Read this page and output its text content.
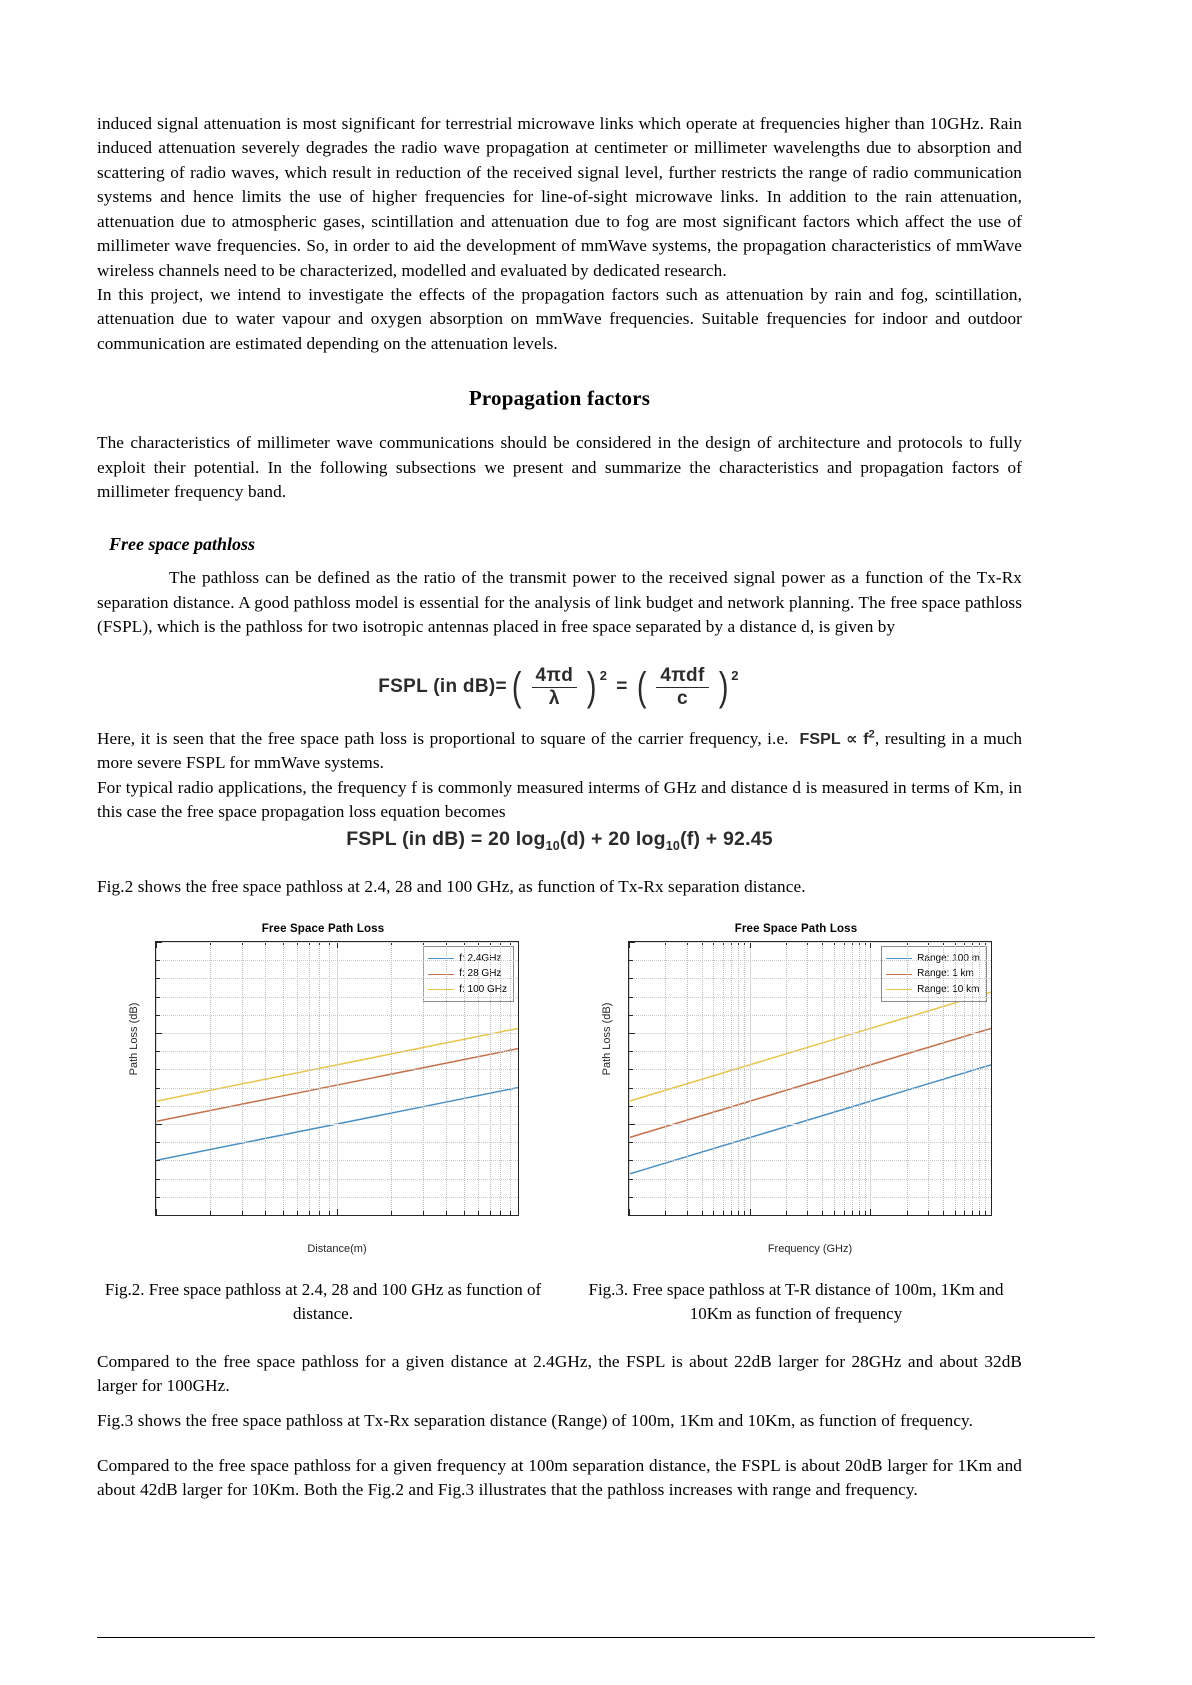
induced signal attenuation is most significant for terrestrial microwave links which operate at frequencies higher than 10GHz. Rain induced attenuation severely degrades the radio wave propagation at centimeter or millimeter wavelengths due to absorption and scattering of radio waves, which result in reduction of the received signal level, further restricts the range of radio communication systems and hence limits the use of higher frequencies for line-of-sight microwave links. In addition to the rain attenuation, attenuation due to atmospheric gases, scintillation and attenuation due to fog are most significant factors which affect the use of millimeter wave frequencies. So, in order to aid the development of mmWave systems, the propagation characteristics of mmWave wireless channels need to be characterized, modelled and evaluated by dedicated research.

In this project, we intend to investigate the effects of the propagation factors such as attenuation by rain and fog, scintillation, attenuation due to water vapour and oxygen absorption on mmWave frequencies. Suitable frequencies for indoor and outdoor communication are estimated depending on the attenuation levels.

Propagation factors

The characteristics of millimeter wave communications should be considered in the design of architecture and protocols to fully exploit their potential. In the following subsections we present and summarize the characteristics and propagation factors of millimeter frequency band.

Free space pathloss

The pathloss can be defined as the ratio of the transmit power to the received signal power as a function of the Tx-Rx separation distance. A good pathloss model is essential for the analysis of link budget and network planning. The free space pathloss (FSPL), which is the pathloss for two isotropic antennas placed in free space separated by a distance d, is given by

FSPL (in dB)= ( $\frac{4\pi d}{\lambda}$ ) 2
= ( $\frac{\text{4πdf}}{c}$ ) 2

Here, it is seen that the free space path loss is proportional to square of the carrier frequency, i.e. FSPL ∝ $f^2$, resulting in a much more severe FSPL for mmWave systems.

For typical radio applications, the frequency f is commonly measured interms of GHz and distance d is measured in terms of Km, in this case the free space propagation loss equation becomes

FSPL (in dB) = 20 $\log_{10}(d) + 20$ $\log_{10}(f) + 92.45$

Fig.2 shows the free space pathloss at 2.4, 28 and 100 GHz, as function of Tx-Rx separation distance.

Free Space Path Loss
Path Loss (dB)
Distance(m)
f: 2.4GHz
f: 28 GHz
f: 100 GHz
Fig.2. Free space pathloss at 2.4, 28 and 100 GHz as function of distance.
Free Space Path Loss
Path Loss (dB)
Frequency (GHz)
Range: 100 m
Range: 1 km
Range: 10 km
Fig.3. Free space pathloss at T-R distance of 100m, 1Km and 10Km as function of frequency

Compared to the free space pathloss for a given distance at 2.4GHz, the FSPL is about 22dB larger for 28GHz and about 32dB larger for 100GHz.

Fig.3 shows the free space pathloss at Tx-Rx separation distance (Range) of 100m, 1Km and 10Km, as function of frequency.

Compared to the free space pathloss for a given frequency at 100m separation distance, the FSPL is about 20dB larger for 1Km and about 42dB larger for 10Km. Both the Fig.2 and Fig.3 illustrates that the pathloss increases with range and frequency.
